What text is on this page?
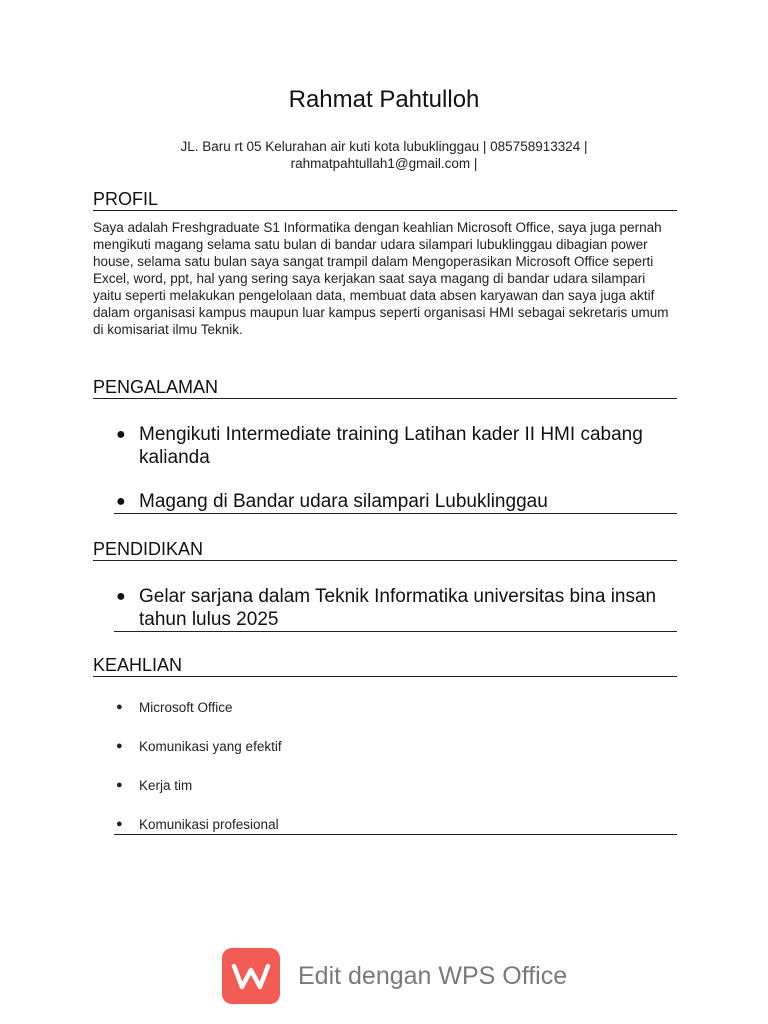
Rahmat Pahtulloh
JL. Baru rt 05 Kelurahan air kuti kota lubuklinggau | 085758913324 |
rahmatpahtullah1@gmail.com |
PROFIL
Saya adalah Freshgraduate S1 Informatika dengan keahlian Microsoft Office, saya juga pernah mengikuti magang selama satu bulan di bandar udara silampari lubuklinggau dibagian power house, selama satu bulan saya sangat trampil dalam Mengoperasikan Microsoft Office seperti Excel, word, ppt, hal yang sering saya kerjakan saat saya magang di bandar udara silampari yaitu seperti melakukan pengelolaan data, membuat data absen karyawan dan saya juga aktif dalam organisasi kampus maupun luar kampus seperti organisasi HMI sebagai sekretaris umum di komisariat ilmu Teknik.
PENGALAMAN
● Mengikuti Intermediate training Latihan kader II HMI cabang kalianda
● Magang di Bandar udara silampari Lubuklinggau
PENDIDIKAN
● Gelar sarjana dalam Teknik Informatika universitas bina insan tahun lulus 2025
KEAHLIAN
● Microsoft Office
● Komunikasi yang efektif
● Kerja tim
● Komunikasi profesional
Edit dengan WPS Office
